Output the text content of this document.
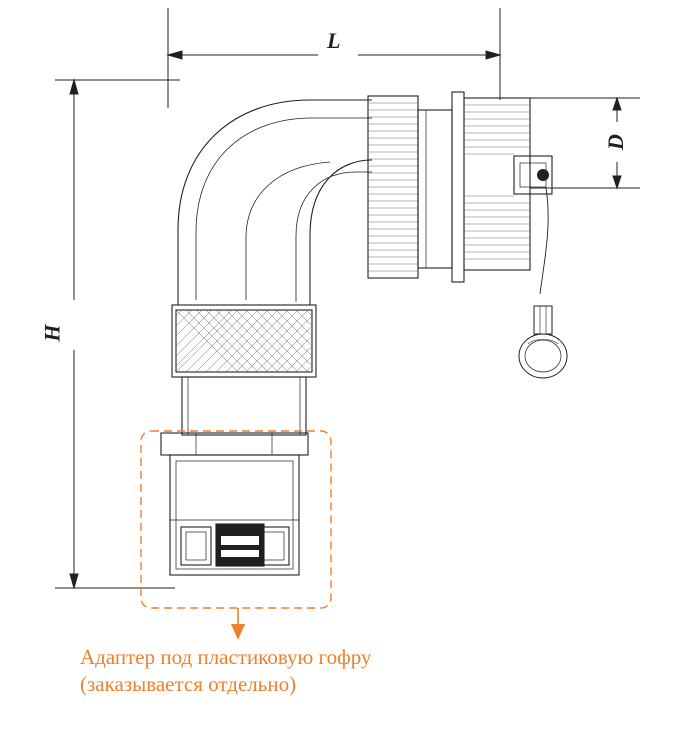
H
L
D
Адаптер под пластиковую гофру
(заказывается отдельно)
